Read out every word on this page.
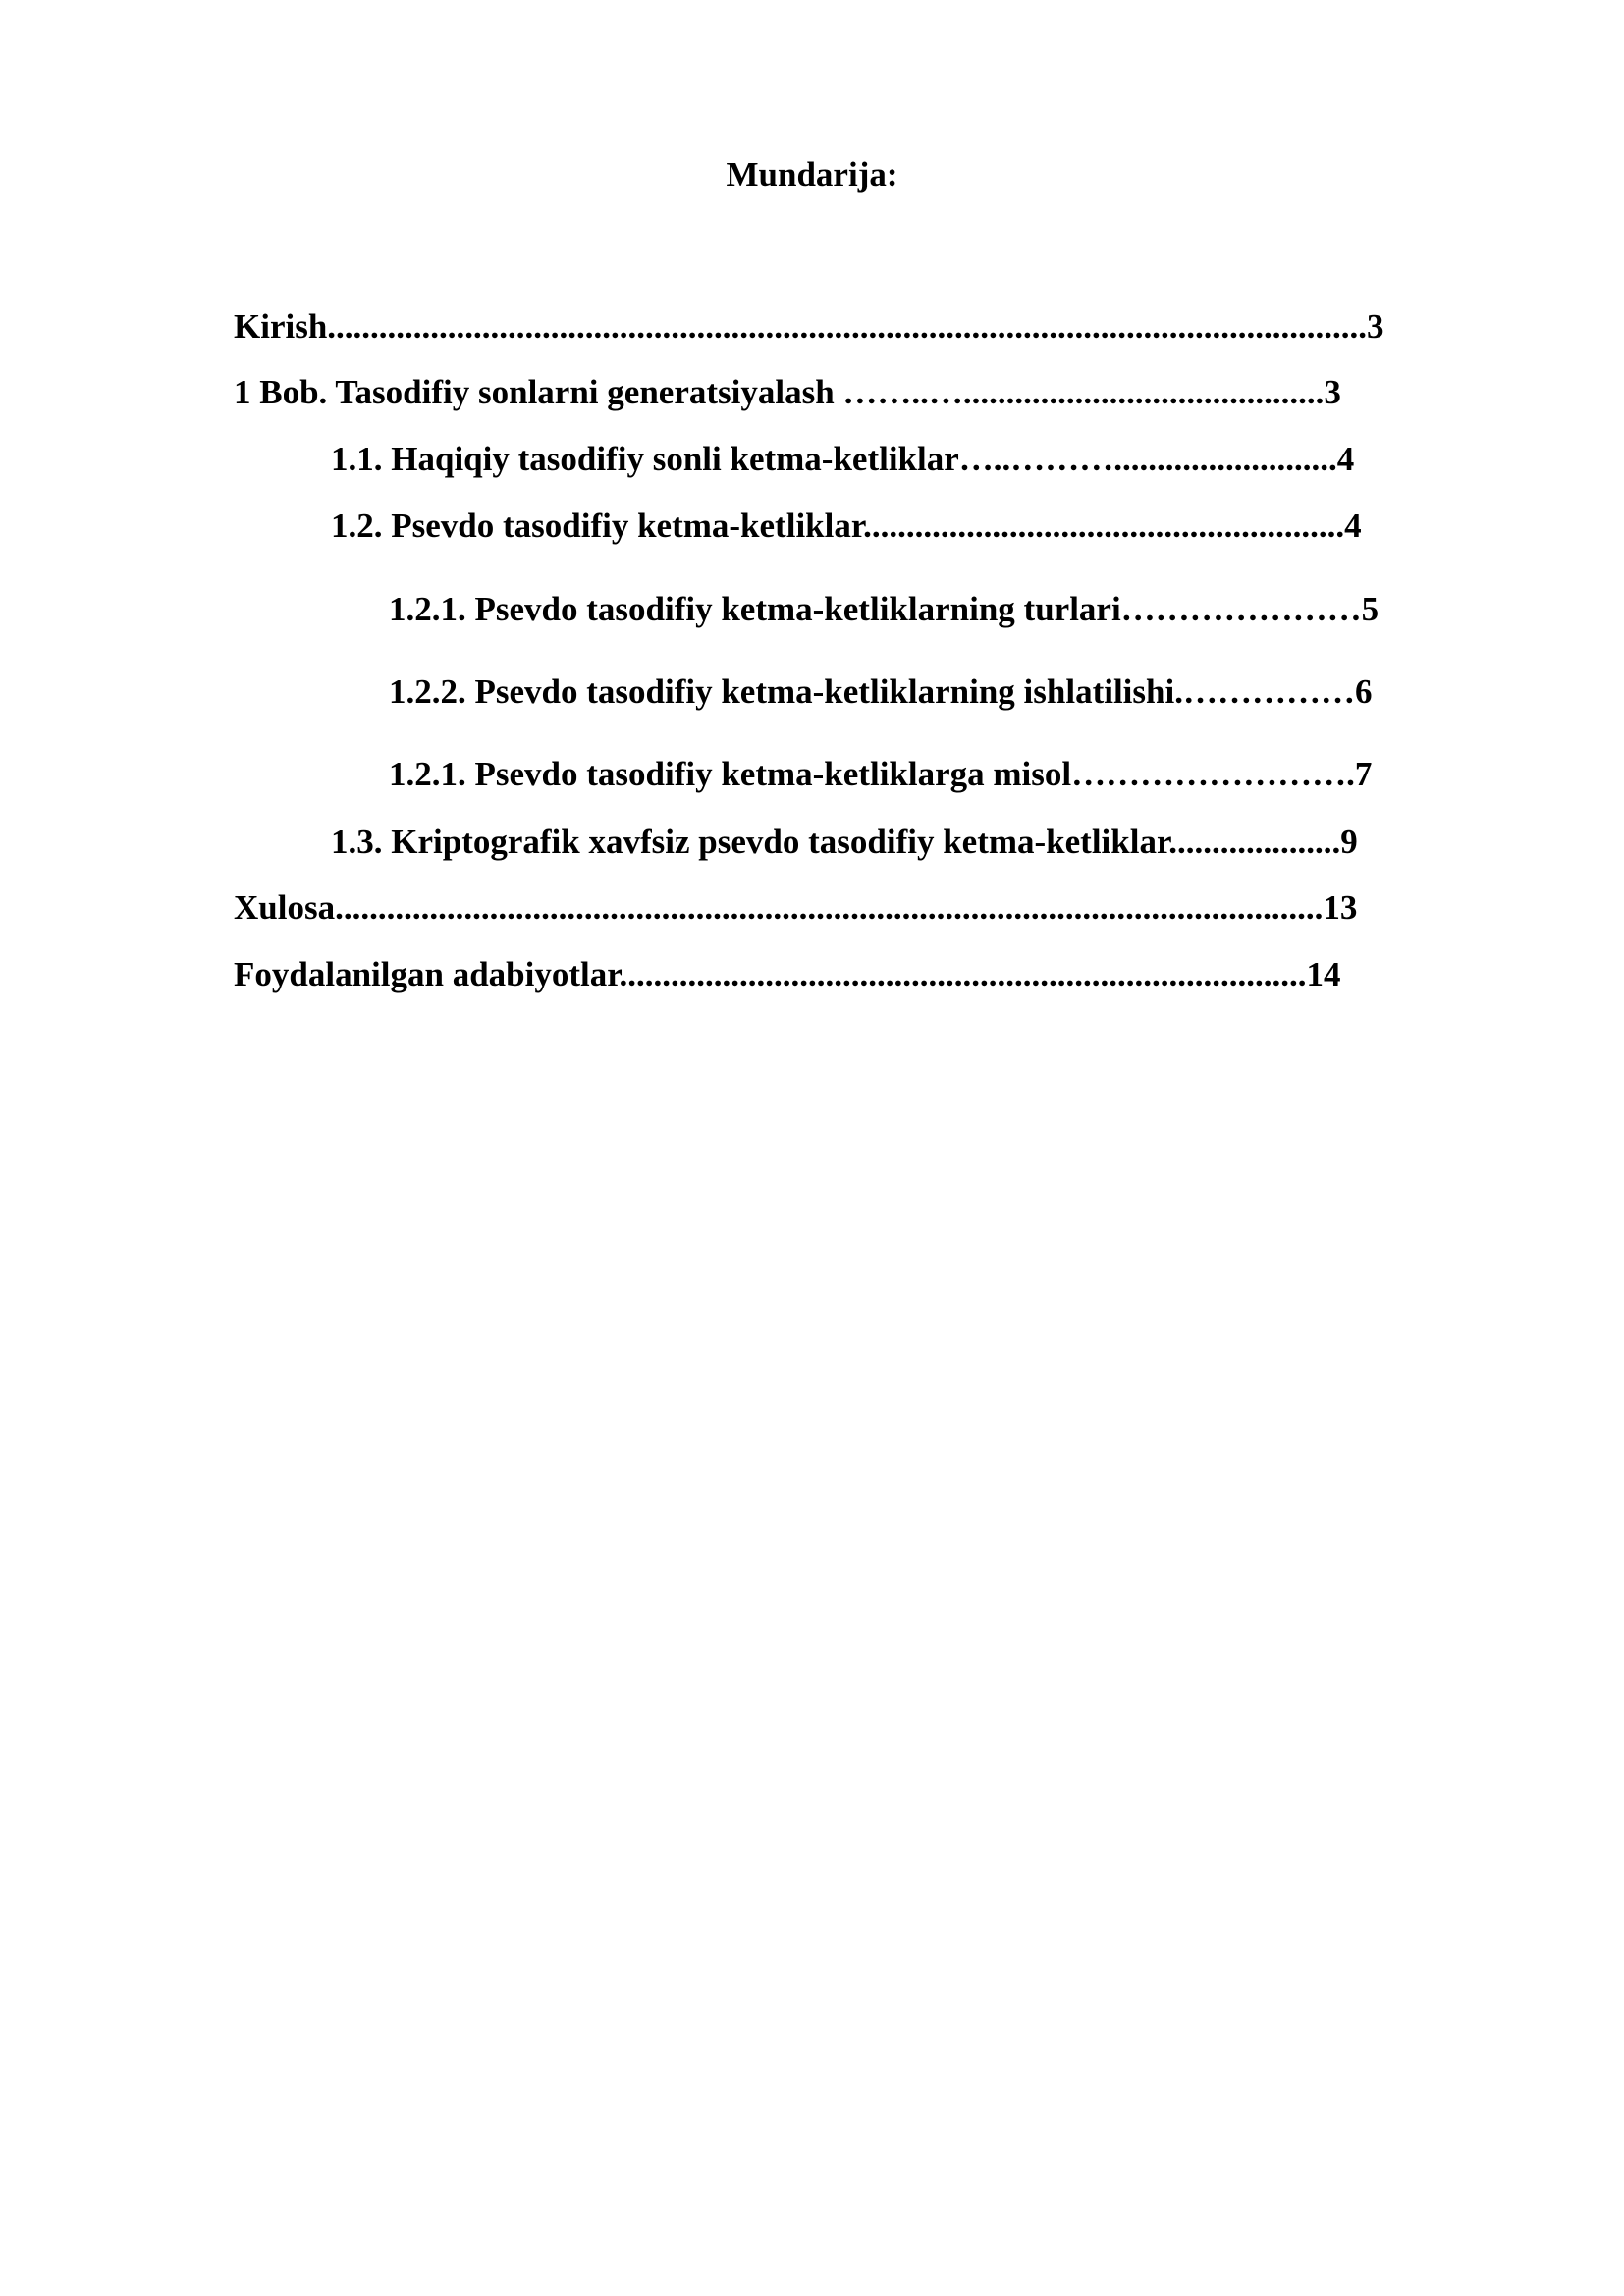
Mundarija:
Kirish.........................................................................................................................3
1 Bob. Tasodifiy sonlarni generatsiyalash ……..…..........................................3
1.1. Haqiqiy tasodifiy sonli ketma-ketliklar…..………..........................4
1.2. Psevdo tasodifiy ketma-ketliklar........................................................4
1.2.1. Psevdo tasodifiy ketma-ketliklarning turlari…………………5
1.2.2. Psevdo tasodifiy ketma-ketliklarning ishlatilishi.……………6
1.2.1. Psevdo tasodifiy ketma-ketliklarga misol…………………….7
1.3. Kriptografik xavfsiz psevdo tasodifiy ketma-ketliklar....................9
Xulosa...................................................................................................................13
Foydalanilgan adabiyotlar................................................................................14
